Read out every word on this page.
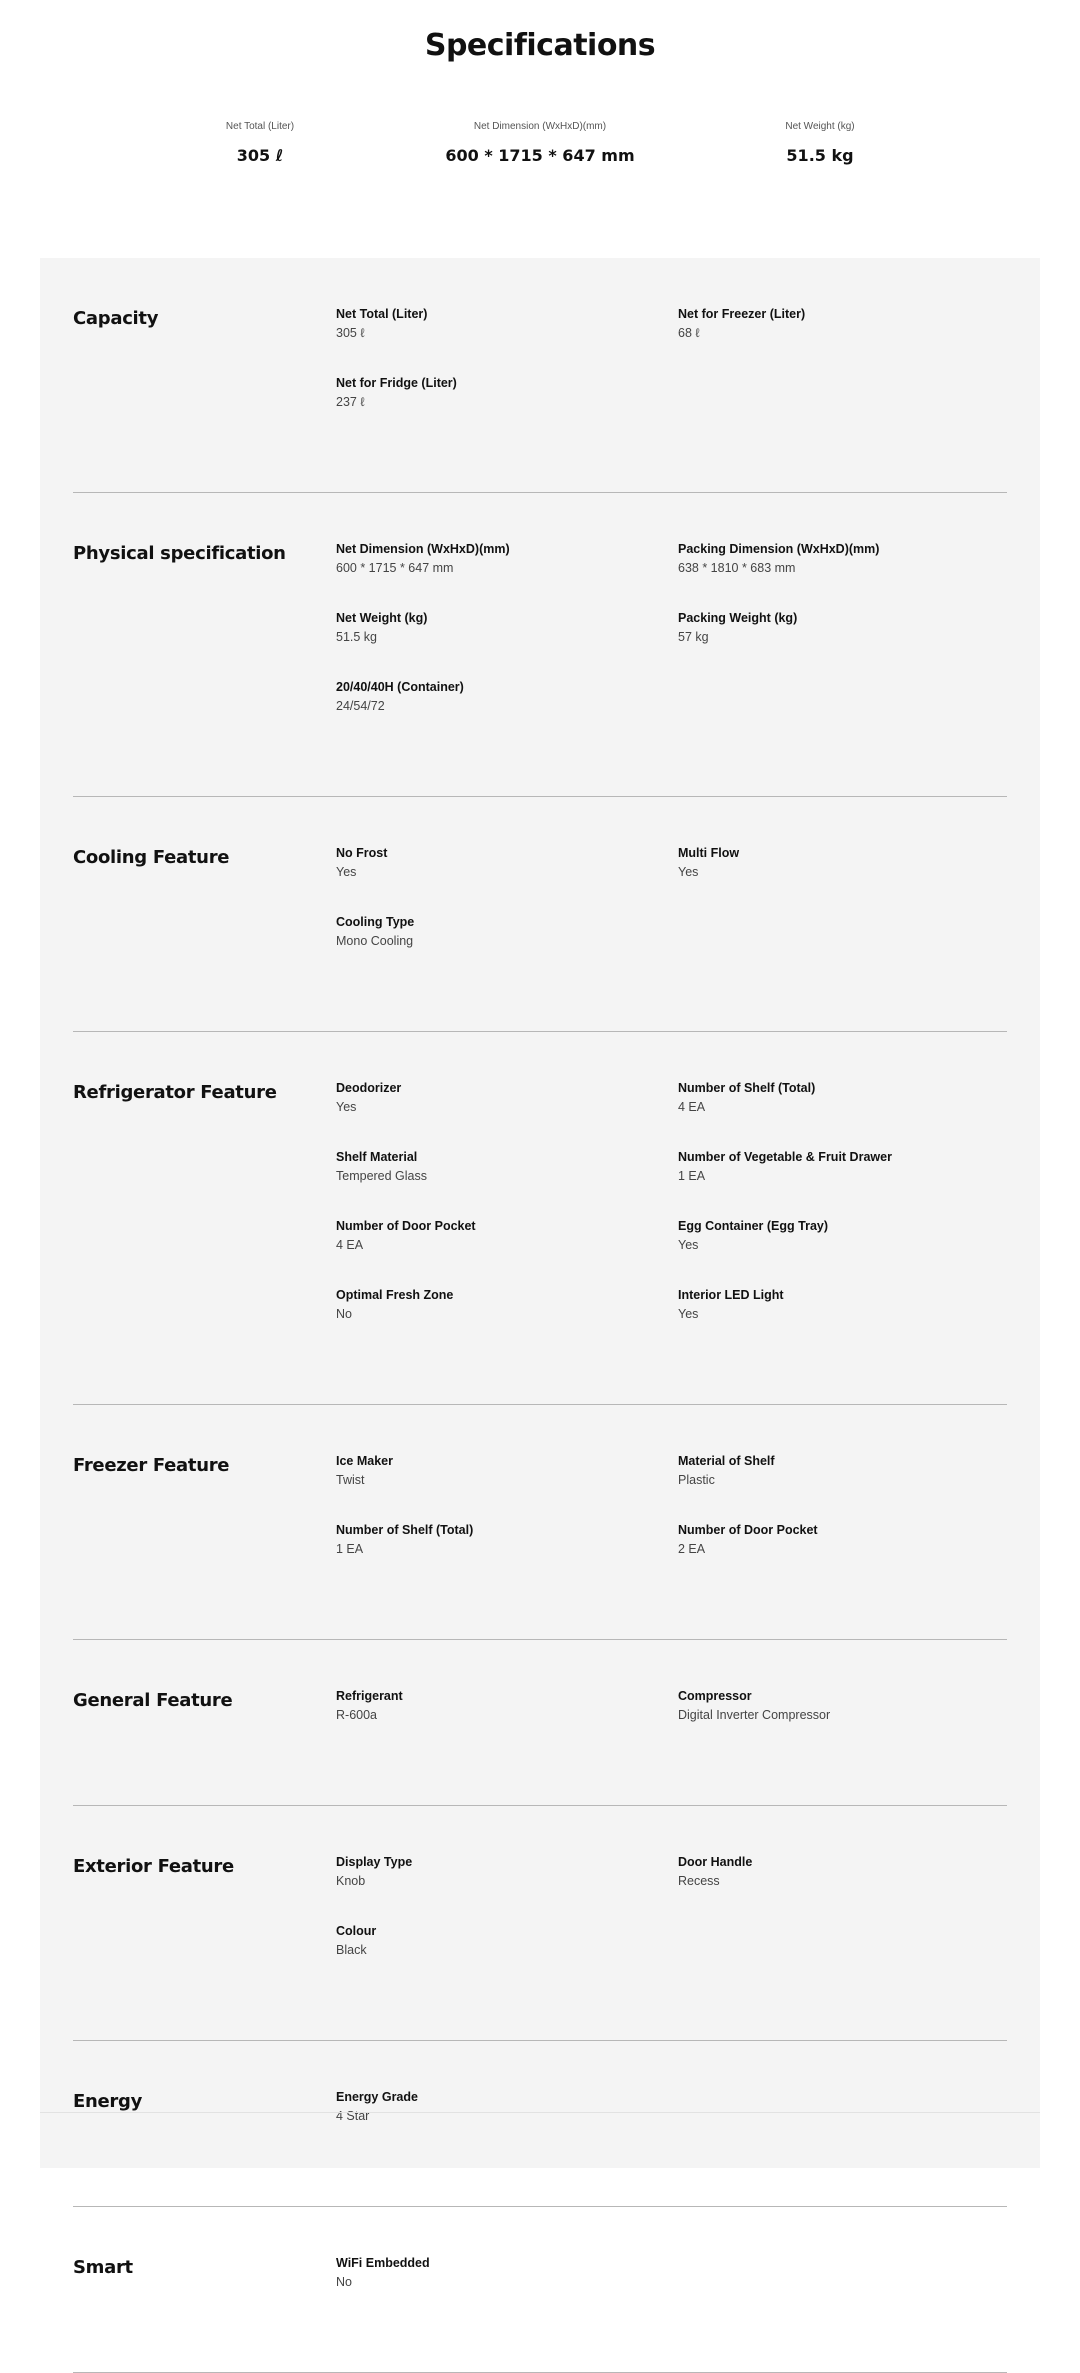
Specifications
Net Total (Liter)
305 ℓ
Net Dimension (WxHxD)(mm)
600 * 1715 * 647 mm
Net Weight (kg)
51.5 kg
Capacity	Net Total (Liter)
305 ℓ
Net for Freezer (Liter)
68 ℓ
Net for Fridge (Liter)
237 ℓ
Physical specification	Net Dimension (WxHxD)(mm)
600 * 1715 * 647 mm
Packing Dimension (WxHxD)(mm)
638 * 1810 * 683 mm
Net Weight (kg)
51.5 kg
Packing Weight (kg)
57 kg
20/40/40H (Container)
24/54/72
Cooling Feature	No Frost
Yes
Multi Flow
Yes
Cooling Type
Mono Cooling
Refrigerator Feature	Deodorizer
Yes
Number of Shelf (Total)
4 EA
Shelf Material
Tempered Glass
Number of Vegetable & Fruit Drawer
1 EA
Number of Door Pocket
4 EA
Egg Container (Egg Tray)
Yes
Optimal Fresh Zone
No
Interior LED Light
Yes
Freezer Feature	Ice Maker
Twist
Material of Shelf
Plastic
Number of Shelf (Total)
1 EA
Number of Door Pocket
2 EA
General Feature	Refrigerant
R-600a
Compressor
Digital Inverter Compressor
Exterior Feature	Display Type
Knob
Door Handle
Recess
Colour
Black
Energy	Energy Grade
4 Star
Smart	WiFi Embedded
No
